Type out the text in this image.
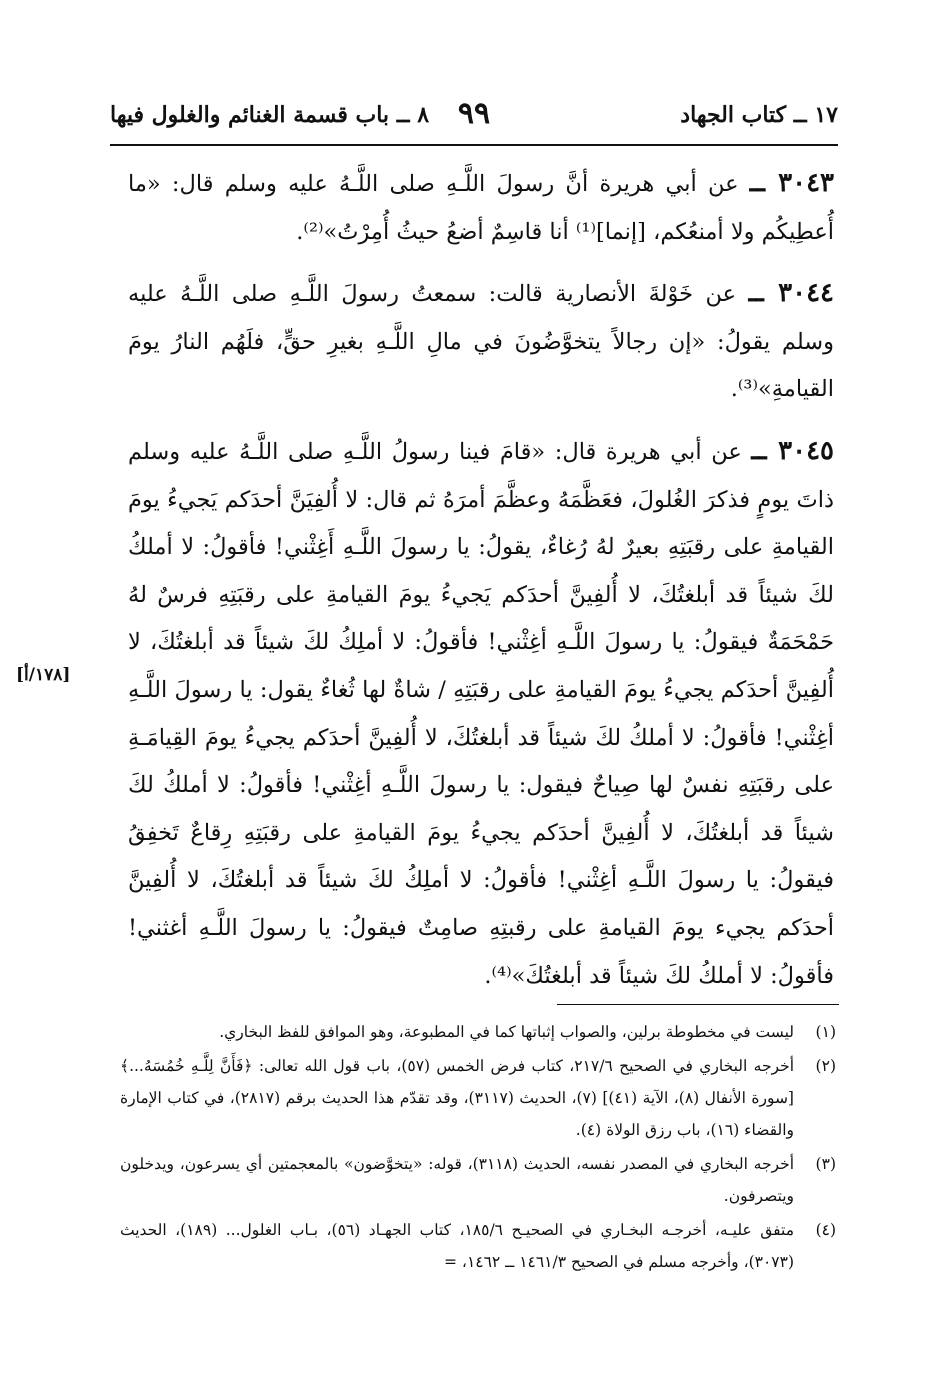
١٧ ــ كتاب الجهاد
٩٩
٨ ــ باب قسمة الغنائم والغلول فيها

٣٠٤٣ ــ عن أبي هريرة أنَّ رسولَ اللَّـهِ صلى اللَّـهُ عليه وسلم قال: «ما أُعطِيكُم ولا أمنعُكم، [إنما]⁽¹⁾ أنا قاسِمٌ أضعُ حيثُ أُمِرْتُ»⁽²⁾.

٣٠٤٤ ــ عن خَوْلةَ الأنصارية قالت: سمعتُ رسولَ اللَّـهِ صلى اللَّـهُ عليه وسلم يقولُ: «إن رجالاً يتخوَّضُونَ في مالِ اللَّـهِ بغيرِ حقٍّ، فلَهُم النارُ يومَ القيامةِ»⁽³⁾.

٣٠٤٥ ــ عن أبي هريرة قال: «قامَ فينا رسولُ اللَّـهِ صلى اللَّـهُ عليه وسلم ذاتَ يومٍ فذكرَ الغُلولَ، فعَظَّمَهُ وعظَّمَ أمرَهُ ثم قال: لا أُلفِيَنَّ أحدَكم يَجيءُ يومَ القيامةِ على رقبَتِهِ بعيرٌ لهُ رُغاءٌ، يقولُ: يا رسولَ اللَّـهِ أَغِثْني! فأقولُ: لا أملكُ لكَ شيئاً قد أبلغتُكَ، لا أُلفِينَّ أحدَكم يَجيءُ يومَ القيامةِ على رقبَتِهِ فرسٌ لهُ حَمْحَمَةٌ فيقولُ: يا رسولَ اللَّـهِ أغِثْني! فأقولُ: لا أملِكُ لكَ شيئاً قد أبلغتُكَ، لا أُلفِينَّ أحدَكم يجيءُ يومَ القيامةِ على رقبَتِهِ / شاةٌ لها ثُغاءٌ يقول: يا رسولَ اللَّـهِ أغِثْني! فأقولُ: لا أملكُ لكَ شيئاً قد أبلغتُكَ، لا أُلفِينَّ أحدَكم يجيءُ يومَ القِيامَـةِ على رقبَتِهِ نفسٌ لها صِياحٌ فيقول: يا رسولَ اللَّـهِ أغِثْني! فأقولُ: لا أملكُ لكَ شيئاً قد أبلغتُكَ، لا أُلفِينَّ أحدَكم يجيءُ يومَ القيامةِ على رقبَتِهِ رِقاعٌ تَخفِقُ فيقولُ: يا رسولَ اللَّـهِ أغِثْني! فأقولُ: لا أملِكُ لكَ شيئاً قد أبلغتُكَ، لا أُلفِينَّ أحدَكم يجيء يومَ القيامةِ على رقبتِهِ صامِتٌ فيقولُ: يا رسولَ اللَّـهِ أغثني! فأقولُ: لا أملكُ لكَ شيئاً قد أبلغتُكَ»⁽⁴⁾.

[١٧٨/أ]

(١)ليست في مخطوطة برلين، والصواب إثباتها كما في المطبوعة، وهو الموافق للفظ البخاري.

(٢)أخرجه البخاري في الصحيح ٢١٧/٦، كتاب فرض الخمس (٥٧)، باب قول الله تعالى: ﴿فَأَنَّ لِلَّـهِ خُمُسَهُ...﴾ [سورة الأنفال (٨)، الآية (٤١)] (٧)، الحديث (٣١١٧)، وقد تقدّم هذا الحديث برقم (٢٨١٧)، في كتاب الإمارة والقضاء (١٦)، باب رزق الولاة (٤).

(٣)أخرجه البخاري في المصدر نفسه، الحديث (٣١١٨)، قوله: «يتخوَّضون» بالمعجمتين أي يسرعون، ويدخلون ويتصرفون.

(٤)متفق عليـه، أخرجـه البخـاري في الصحيـح ١٨٥/٦، كتاب الجهـاد (٥٦)، بـاب الغلول... (١٨٩)، الحديث (٣٠٧٣)، وأخرجه مسلم في الصحيح ١٤٦١/٣ ــ ١٤٦٢، =
